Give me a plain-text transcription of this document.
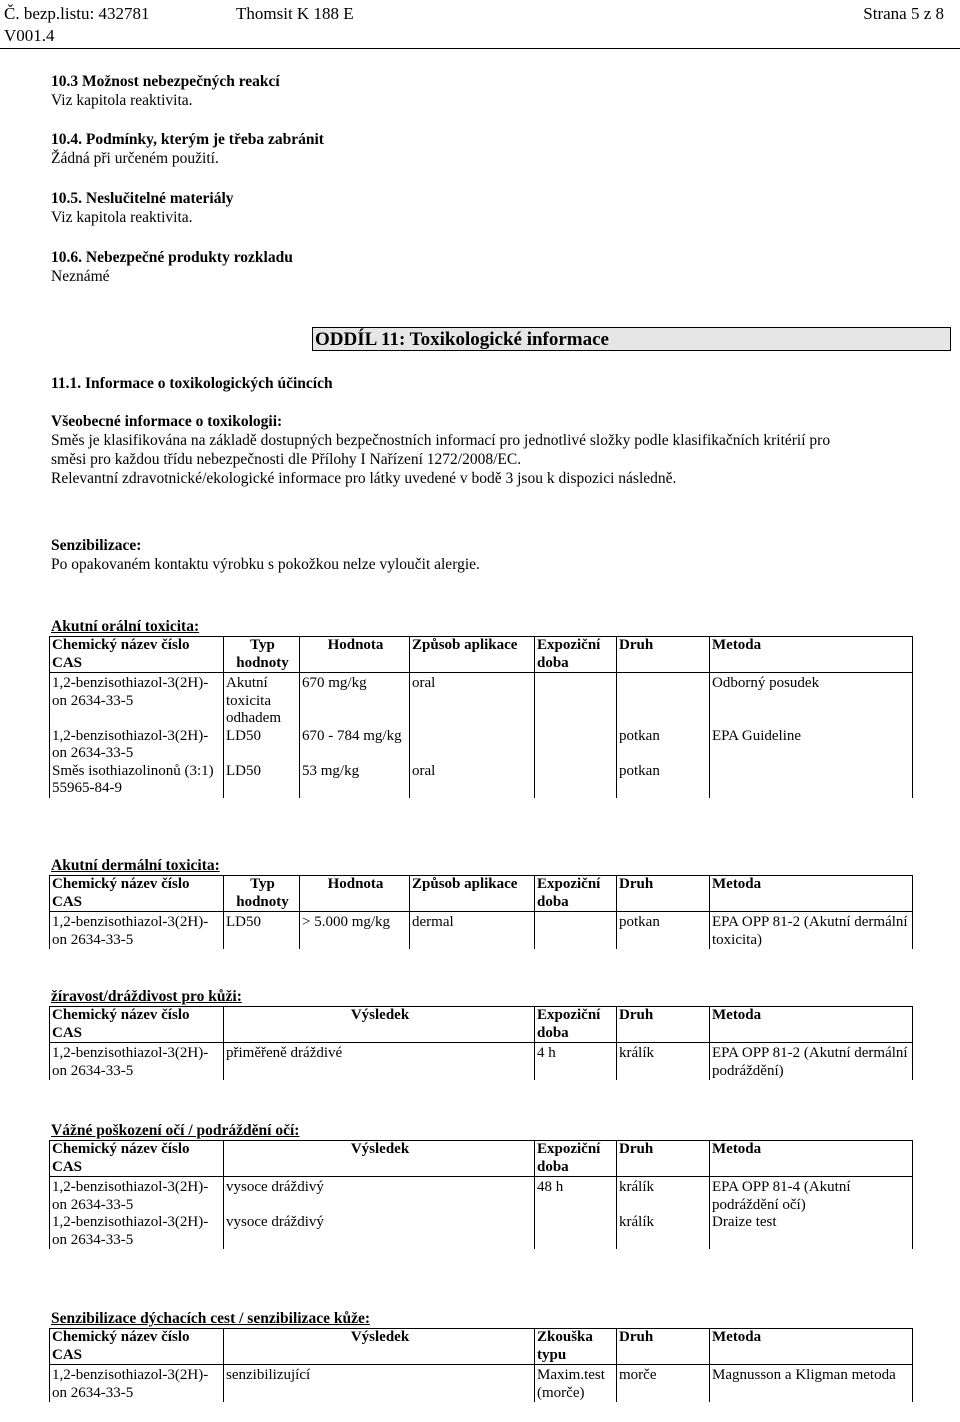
Č. bezp.listu: 432781
V001.4
Thomsit K 188 E	Strana 5 z 8
10.3 Možnost nebezpečných reakcí
Viz kapitola reaktivita.
10.4. Podmínky, kterým je třeba zabránit
Žádná při určeném použití.
10.5. Neslučitelné materiály
Viz kapitola reaktivita.
10.6. Nebezpečné produkty rozkladu
Neznámé
ODDÍL 11: Toxikologické informace
11.1. Informace o toxikologických účincích
Všeobecné informace o toxikologii:
Směs je klasifikována na základě dostupných bezpečnostních informací pro jednotlivé složky podle klasifikačních kritérií pro
směsi pro každou třídu nebezpečnosti dle Přílohy I Nařízení 1272/2008/EC.
Relevantní zdravotnické/ekologické informace pro látky uvedené v bodě 3 jsou k dispozici následně.
Senzibilizace:
Po opakovaném kontaktu výrobku s pokožkou nelze vyloučit alergie.
Akutní orální toxicita:
Chemický název číslo CAS	Typ hodnoty	Hodnota	Způsob aplikace	Expoziční doba	Druh	Metoda
1,2-benzisothiazol-3(2H)-on 2634-33-5	Akutní toxicita odhadem	670 mg/kg	oral			Odborný posudek
1,2-benzisothiazol-3(2H)-on 2634-33-5	LD50	670 - 784 mg/kg			potkan	EPA Guideline
Směs isothiazolinonů (3:1) 55965-84-9	LD50	53 mg/kg	oral		potkan	
Akutní dermální toxicita:
Chemický název číslo CAS	Typ hodnoty	Hodnota	Způsob aplikace	Expoziční doba	Druh	Metoda
1,2-benzisothiazol-3(2H)-on 2634-33-5	LD50	> 5.000 mg/kg	dermal		potkan	EPA OPP 81-2 (Akutní dermální toxicita)
žíravost/dráždivost pro kůži:
Chemický název číslo CAS	Výsledek	Expoziční doba	Druh	Metoda
1,2-benzisothiazol-3(2H)-on 2634-33-5	přiměřeně dráždivé	4 h	králík	EPA OPP 81-2 (Akutní dermální podráždění)
Vážné poškození očí / podráždění očí:
Chemický název číslo CAS	Výsledek	Expoziční doba	Druh	Metoda
1,2-benzisothiazol-3(2H)-on 2634-33-5	vysoce dráždivý	48 h	králík	EPA OPP 81-4 (Akutní podráždění očí)
1,2-benzisothiazol-3(2H)-on 2634-33-5	vysoce dráždivý		králík	Draize test
Senzibilizace dýchacích cest / senzibilizace kůže:
Chemický název číslo CAS	Výsledek	Zkouška typu	Druh	Metoda
1,2-benzisothiazol-3(2H)-on 2634-33-5	senzibilizující	Maxim.test (morče)	morče	Magnusson a Kligman metoda
